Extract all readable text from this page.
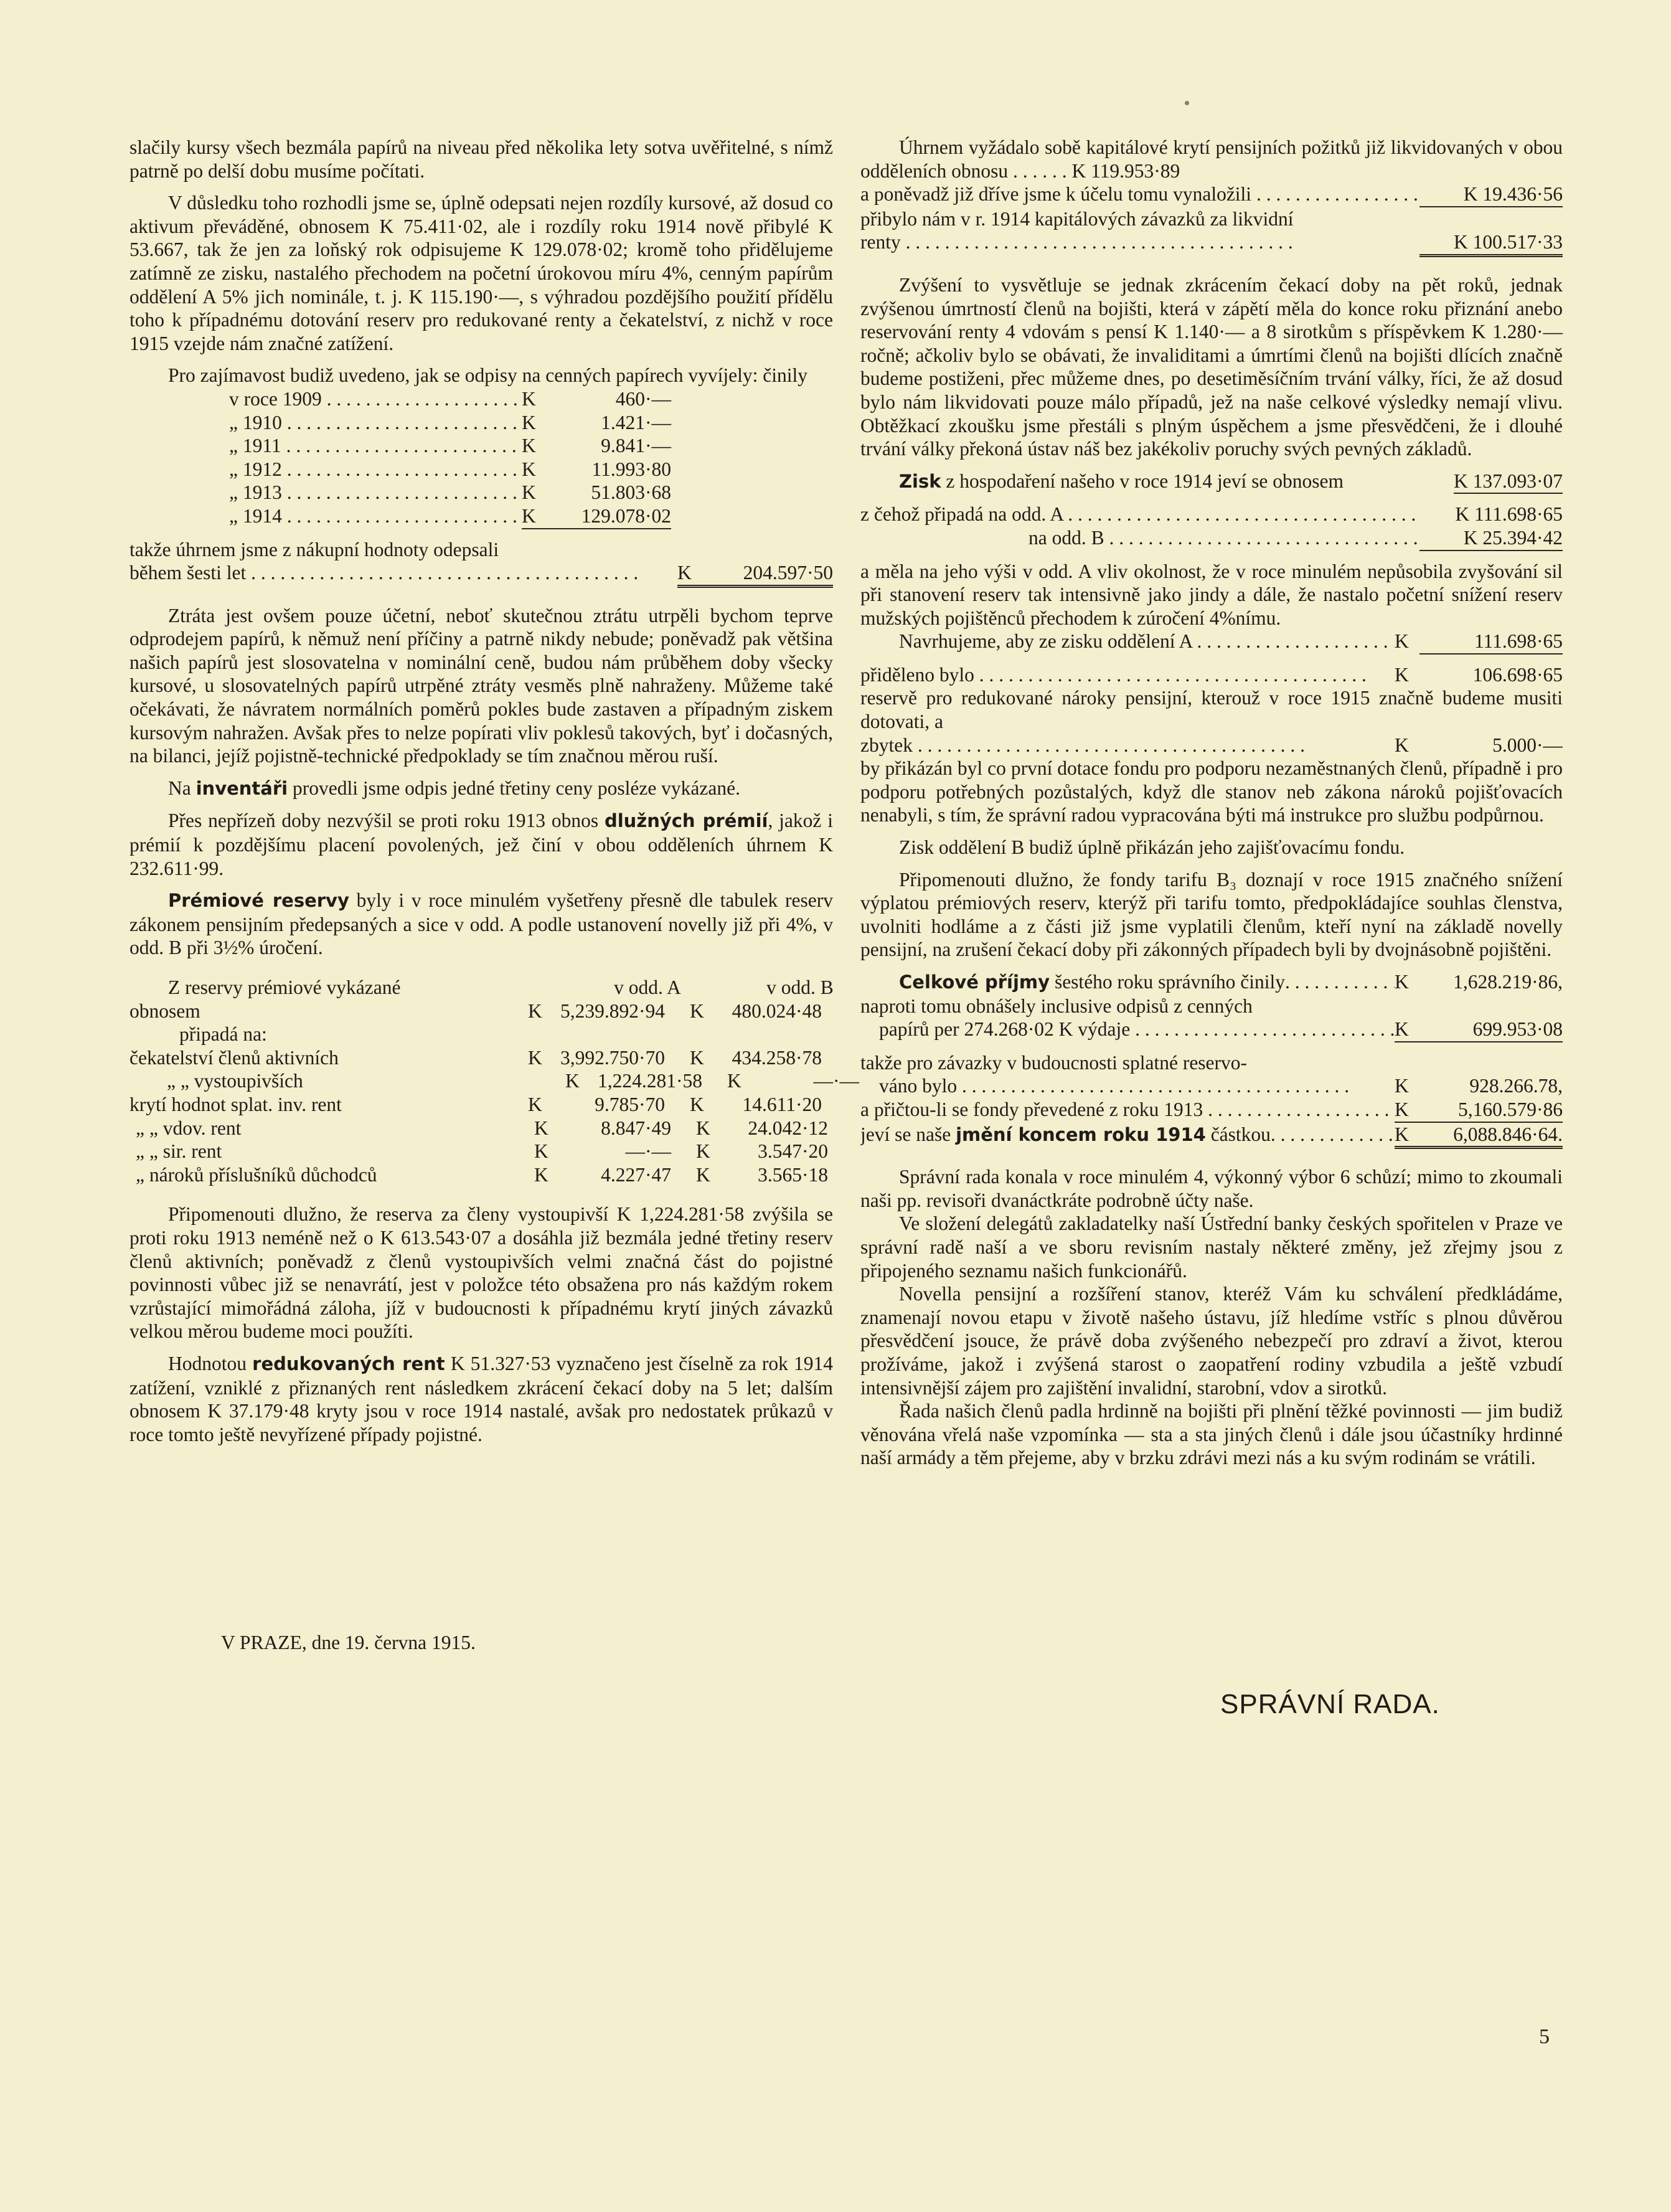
s͏lačily kursy všech bezmála papírů na niveau před několika lety sotva uvěřitelné, s nímž patrně po delší dobu musíme počítati.

V důsledku toho rozhodli jsme se, úplně odepsati nejen rozdíly kursové, až dosud co aktivum převáděné, obnosem K 75.411·02, ale i rozdíly roku 1914 nově přibylé K 53.667, tak že jen za loňský rok odpisujeme K 129.078·02; kromě toho přidělujeme zatímně ze zisku, nastalého přechodem na početní úrokovou míru 4%, cenným papírům oddělení A 5% jich nominále, t. j. K 115.190·—, s výhradou pozdějšího použití přídělu toho k případnému dotování reserv pro redukované renty a čekatelství, z nichž v roce 1915 vzejde nám značné zatížení.

Pro zajímavost budiž uvedeno, jak se odpisy na cenných papírech vyvíjely: činily

v roce 1909 . . .	K	460·—
„ 1910 . . .	K	1.421·—
„ 1911 . . .	K	9.841·—
„ 1912 . . .	K	11.993·80
„ 1913 . . .	K	51.803·68
„ 1914 . . .	K	129.078·02

takže úhrnem jsme z nákupní hodnoty odepsali

během šesti let . . .	K	204.597·50

Ztráta jest ovšem pouze účetní, neboť skutečnou ztrátu utrpěli bychom teprve odprodejem papírů, k němuž není příčiny a patrně nikdy nebude; poněvadž pak většina našich papírů jest slosovatelna v nominální ceně, budou nám průběhem doby všecky kursové, u slosovatelných papírů utrpěné ztráty vesměs plně nahraženy. Můžeme také očekávati, že návratem normálních poměrů pokles bude zastaven a případným ziskem kursovým nahražen. Avšak přes to nelze popírati vliv poklesů takových, byť i dočasných, na bilanci, jejíž pojistně-technické předpoklady se tím značnou měrou ruší.

Na inventáři provedli jsme odpis jedné třetiny ceny posléze vykázané.

Přes nepřízeň doby nezvýšil se proti roku 1913 obnos dlužných prémií, jakož i prémií k pozdějšímu placení povolených, jež činí v obou odděleních úhrnem K 232.611·99.

Prémiové reservy byly i v roce minulém vyšetřeny přesně dle tabulek reserv zákonem pensijním předepsaných a sice v odd. A podle ustanovení novelly již při 4%, v odd. B při 3½% úročení.

Z reservy prémiové vykázané	v odd. A	v odd. B
obnosem	K 5,239.892·94	K 480.024·48
připadá na:
čekatelství členů aktivních	K 3,992.750·70	K 434.258·78
„ „ vystoupivších	K 1,224.281·58	K	—·—
krytí hodnot splat. inv. rent	K	9.785·70	K 14.611·20
„ „ vdov. rent	K	8.847·49	K 24.042·12
„ „ sir. rent	K	—·—	K 3.547·20
„ nároků příslušníků důchodců	K	4.227·47	K 3.565·18

Připomenouti dlužno, že reserva za členy vystoupivší K 1,224.281·58 zvýšila se proti roku 1913 neméně než o K 613.543·07 a dosáhla již bezmála jedné třetiny reserv členů aktivních; poněvadž z členů vystoupivších velmi značná část do pojistné povinnosti vůbec již se nenavrátí, jest v položce této obsažena pro nás každým rokem vzrůstající mimořádná záloha, jíž v budoucnosti k případnému krytí jiných závazků velkou měrou budeme moci použíti.

Hodnotou redukovaných rent K 51.327·53 vyznačeno jest číselně za rok 1914 zatížení, vzniklé z přiznaných rent následkem zkrácení čekací doby na 5 let; dalším obnosem K 37.179·48 kryty jsou v roce 1914 nastalé, avšak pro nedostatek průkazů v roce tomto ještě nevyřízené případy pojistné.

Úhrnem vyžádalo sobě kapitálové krytí pensijních požitků již likvidovaných v obou odděleních obnosu . . . . . . K 119.953·89

a poněvadž již dříve jsme k účelu tomu vynaložili . . .	K 19.436·56

přibylo nám v r. 1914 kapitálových závazků za likvidní

renty . . .	K 100.517·33

Zvýšení to vysvětluje se jednak zkrácením čekací doby na pět roků, jednak zvýšenou úmrtností členů na bojišti, která v zápětí měla do konce roku přiznání anebo reservování renty 4 vdovám s pensí K 1.140·— a 8 sirotkům s příspěvkem K 1.280·— ročně; ačkoliv bylo se obávati, že invaliditami a úmrtími členů na bojišti dlících značně budeme postiženi, přec můžeme dnes, po desetiměsíčním trvání války, říci, že až dosud bylo nám likvidovati pouze málo případů, jež na naše celkové výsledky nemají vlivu. Obtěžkací zkoušku jsme přestáli s plným úspěchem a jsme přesvědčeni, že i dlouhé trvání války překoná ústav náš bez jakékoliv poruchy svých pevných základů.

Zisk z hospodaření našeho v roce 1914 jeví se obnosem	K 137.093·07
z čehož připadá na odd. A . . .	K 111.698·65
na odd. B . . .	K 25.394·42

a měla na jeho výši v odd. A vliv okolnost, že v roce minulém nepůsobila zvyšování sil při stanovení reserv tak intensivně jako jindy a dále, že nastalo početní snížení reserv mužských pojištěnců přechodem k zúročení 4%nímu.

Navrhujeme, aby ze zisku oddělení A . . .	K	111.698·65
přiděleno bylo . . .	K	106.698·65

reservě pro redukované nároky pensijní, kterouž v roce 1915 značně budeme musiti dotovati, a

zbytek . . .	K	5.000·—

by přikázán byl co první dotace fondu pro podporu nezaměstnaných členů, případně i pro podporu potřebných pozůstalých, když dle stanov neb zákona nároků pojišťovacích nenabyli, s tím, že správní radou vypracována býti má instrukce pro službu podpůrnou.

Zisk oddělení B budiž úplně přikázán jeho zajišťovacímu fondu.

Připomenouti dlužno, že fondy tarifu B₃ doznají v roce 1915 značného snížení výplatou prémiových reserv, kterýž při tarifu tomto, předpokládajíce souhlas členstva, uvolniti hodláme a z části již jsme vyplatili členům, kteří nyní na základě novelly pensijní, na zrušení čekací doby při zákonných případech byli by dvojnásobně pojištěni.

Celkové příjmy šestého roku správního činily . . .	K	1,628.219·86,

naproti tomu obnášely inclusive odpisů z cenných

papírů per 274.268·02 K výdaje . . .	K	699.953·08

takže pro závazky v budoucnosti splatné reservo-

váno bylo . . .	K	928.266.78,
a přičtou-li se fondy převedené z roku 1913 . . .	K	5,160.579·86
jeví se naše jmění koncem roku 1914 částkou . . .	K	6,088.846·64.

Správní rada konala v roce minulém 4, výkonný výbor 6 schůzí; mimo to zkoumali naši pp. revisoři dvanáctkráte podrobně účty naše.

Ve složení delegátů zakladatelky naší Ústřední banky českých spořitelen v Praze ve správní radě naší a ve sboru revisním nastaly některé změny, jež zřejmy jsou z připojeného seznamu našich funkcionářů.

Novella pensijní a rozšíření stanov, kteréž Vám ku schválení předkládáme, znamenají novou etapu v životě našeho ústavu, jíž hledíme vstříc s plnou důvěrou přesvědčení jsouce, že právě doba zvýšeného nebezpečí pro zdraví a život, kterou prožíváme, jakož i zvýšená starost o zaopatření rodiny vzbudila a ještě vzbudí intensivnější zájem pro zajištění invalidní, starobní, vdov a sirotků.

Řada našich členů padla hrdinně na bojišti při plnění těžké povinnosti — jim budiž věnována vřelá naše vzpomínka — sta a sta jiných členů i dále jsou účastníky hrdinné naší armády a těm přejeme, aby v brzku zdrávi mezi nás a ku svým rodinám se vrátili.

V PRAZE, dne 19. června 1915.
SPRÁVNÍ RADA.
5
